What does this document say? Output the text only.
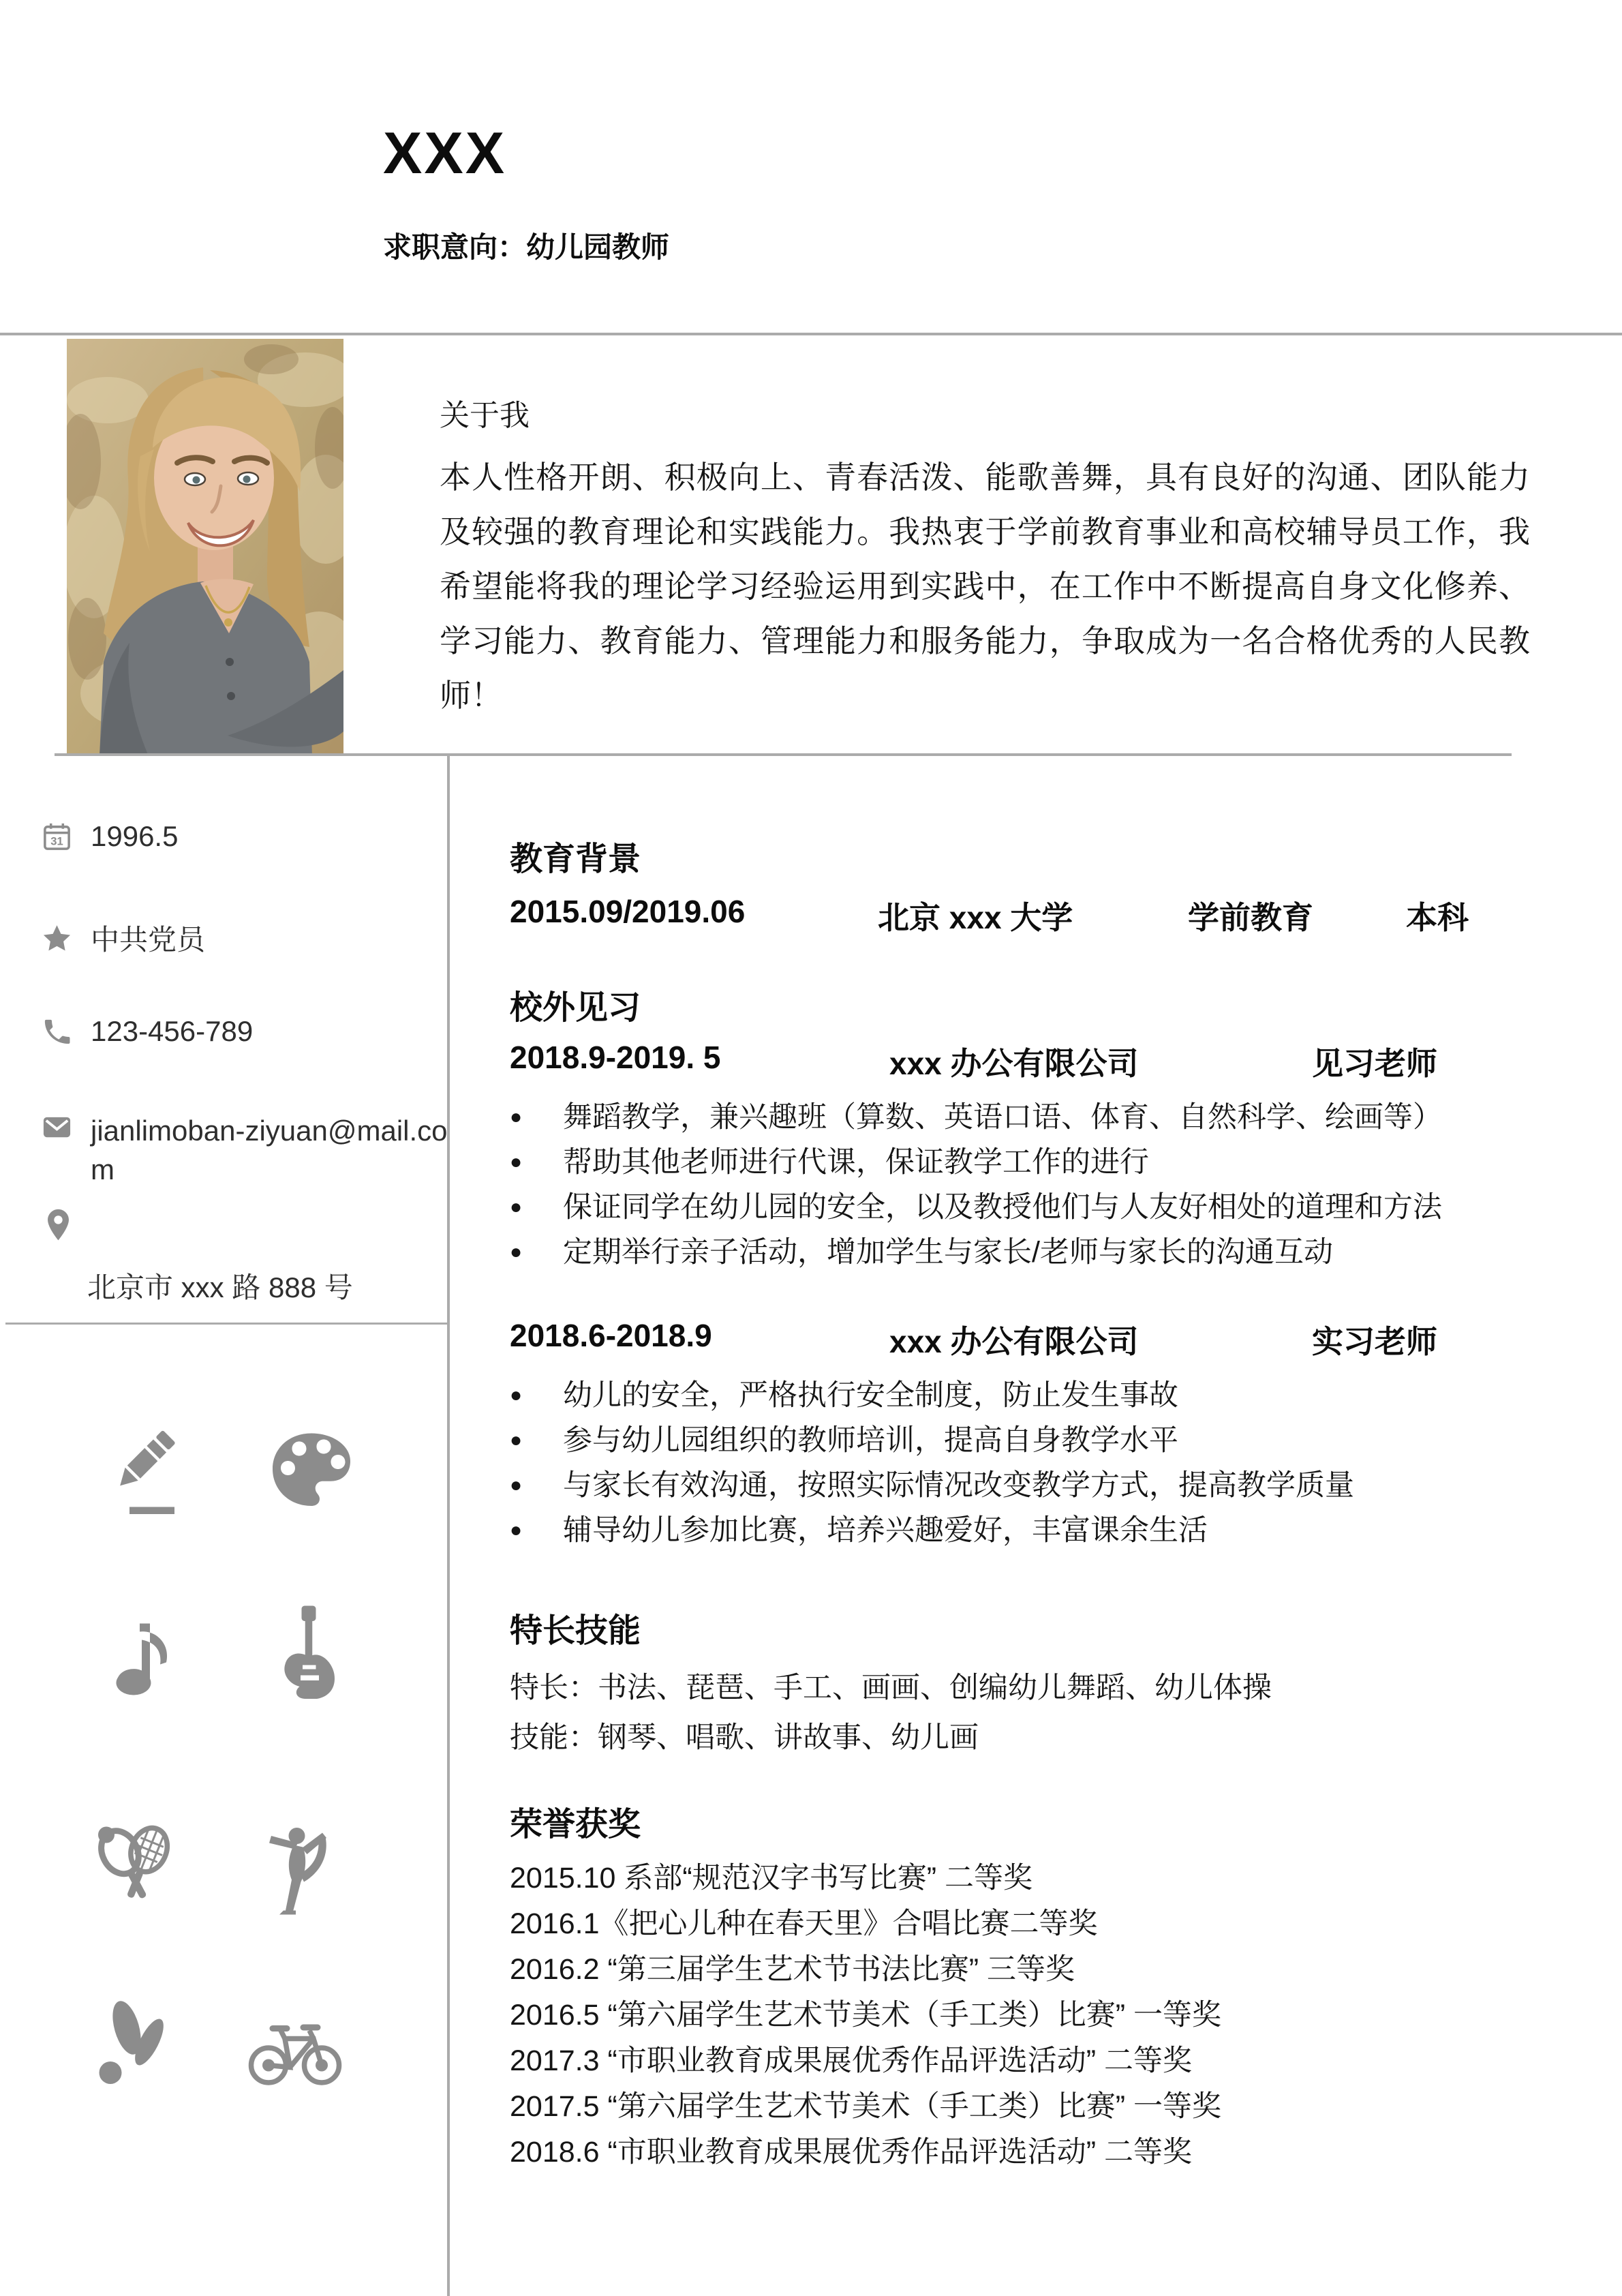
XXX
求职意向：幼儿园教师
关于我
本人性格开朗、积极向上、青春活泼、能歌善舞，具有良好的沟通、团队能力及较强的教育理论和实践能力。我热衷于学前教育事业和高校辅导员工作，我希望能将我的理论学习经验运用到实践中，在工作中不断提高自身文化修养、学习能力、教育能力、管理能力和服务能力，争取成为一名合格优秀的人民教师！
31 1996.5
中共党员
123-456-789
jianlimoban-ziyuan@mail.com
北京市 xxx 路 888 号
教育背景
2015.09/2019.06	北京 xxx 大学	学前教育	本科
校外见习
2018.9-2019. 5	xxx 办公有限公司	见习老师
●	舞蹈教学，兼兴趣班（算数、英语口语、体育、自然科学、绘画等）
●	帮助其他老师进行代课，保证教学工作的进行
●	保证同学在幼儿园的安全，以及教授他们与人友好相处的道理和方法
●	定期举行亲子活动，增加学生与家长/老师与家长的沟通互动
2018.6-2018.9	xxx 办公有限公司	实习老师
●	幼儿的安全，严格执行安全制度，防止发生事故
●	参与幼儿园组织的教师培训，提高自身教学水平
●	与家长有效沟通，按照实际情况改变教学方式，提高教学质量
●	辅导幼儿参加比赛，培养兴趣爱好，丰富课余生活
特长技能
特长：书法、琵琶、手工、画画、创编幼儿舞蹈、幼儿体操
技能：钢琴、唱歌、讲故事、幼儿画
荣誉获奖
2015.10 系部“规范汉字书写比赛” 二等奖
2016.1《把心儿种在春天里》合唱比赛二等奖
2016.2 “第三届学生艺术节书法比赛” 三等奖
2016.5 “第六届学生艺术节美术（手工类）比赛” 一等奖
2017.3 “市职业教育成果展优秀作品评选活动” 二等奖
2017.5 “第六届学生艺术节美术（手工类）比赛” 一等奖
2018.6 “市职业教育成果展优秀作品评选活动” 二等奖
